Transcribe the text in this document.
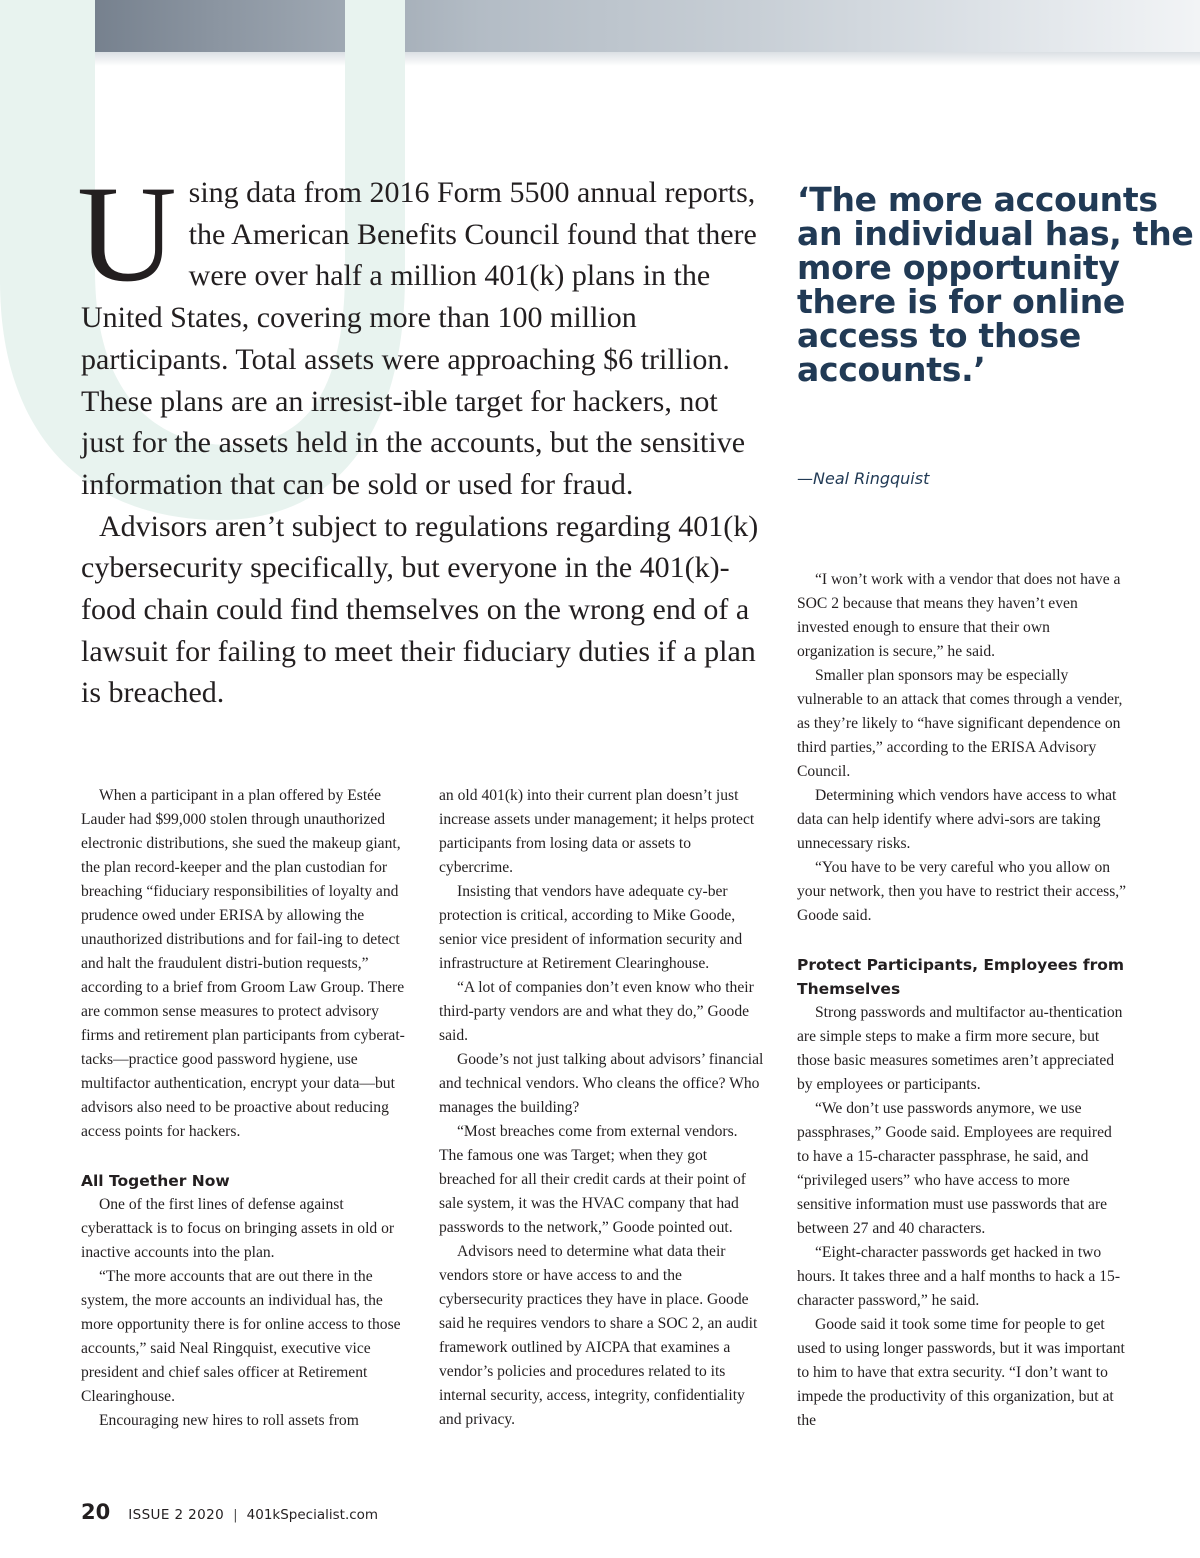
Using data from 2016 Form 5500 annual reports, the American Benefits Council found that there were over half a million 401(k) plans in the United States, covering more than 100 million participants. Total assets were approaching $6 trillion. These plans are an irresist-ible target for hackers, not just for the assets held in the accounts, but the sensitive information that can be sold or used for fraud.

Advisors aren’t subject to regulations regarding 401(k) cybersecurity specifically, but everyone in the 401(k)-food chain could find themselves on the wrong end of a lawsuit for failing to meet their fiduciary duties if a plan is breached.

‘The more accounts an individual has, the more opportunity there is for online access to those accounts.’

—Neal Ringquist

When a participant in a plan offered by Estée Lauder had $99,000 stolen through unauthorized electronic distributions, she sued the makeup giant, the plan record-keeper and the plan custodian for breaching “fiduciary responsibilities of loyalty and prudence owed under ERISA by allowing the unauthorized distributions and for fail-ing to detect and halt the fraudulent distri-bution requests,” according to a brief from Groom Law Group. There are common sense measures to protect advisory firms and retirement plan participants from cyberat-tacks—practice good password hygiene, use multifactor authentication, encrypt your data—but advisors also need to be proactive about reducing access points for hackers.

All Together Now

One of the first lines of defense against cyberattack is to focus on bringing assets in old or inactive accounts into the plan.

“The more accounts that are out there in the system, the more accounts an individual has, the more opportunity there is for online access to those accounts,” said Neal Ringquist, executive vice president and chief sales officer at Retirement Clearinghouse.

Encouraging new hires to roll assets from

an old 401(k) into their current plan doesn’t just increase assets under management; it helps protect participants from losing data or assets to cybercrime.

Insisting that vendors have adequate cy-ber protection is critical, according to Mike Goode, senior vice president of information security and infrastructure at Retirement Clearinghouse.

“A lot of companies don’t even know who their third-party vendors are and what they do,” Goode said.

Goode’s not just talking about advisors’ financial and technical vendors. Who cleans the office? Who manages the building?

“Most breaches come from external vendors. The famous one was Target; when they got breached for all their credit cards at their point of sale system, it was the HVAC company that had passwords to the network,” Goode pointed out.

Advisors need to determine what data their vendors store or have access to and the cybersecurity practices they have in place. Goode said he requires vendors to share a SOC 2, an audit framework outlined by AICPA that examines a vendor’s policies and procedures related to its internal security, access, integrity, confidentiality and privacy.

“I won’t work with a vendor that does not have a SOC 2 because that means they haven’t even invested enough to ensure that their own organization is secure,” he said.

Smaller plan sponsors may be especially vulnerable to an attack that comes through a vender, as they’re likely to “have significant dependence on third parties,” according to the ERISA Advisory Council.

Determining which vendors have access to what data can help identify where advi-sors are taking unnecessary risks.

“You have to be very careful who you allow on your network, then you have to restrict their access,” Goode said.

Protect Participants, Employees from Themselves

Strong passwords and multifactor au-thentication are simple steps to make a firm more secure, but those basic measures sometimes aren’t appreciated by employees or participants.

“We don’t use passwords anymore, we use passphrases,” Goode said. Employees are required to have a 15-character passphrase, he said, and “privileged users” who have access to more sensitive information must use passwords that are between 27 and 40 characters.

“Eight-character passwords get hacked in two hours. It takes three and a half months to hack a 15-character password,” he said.

Goode said it took some time for people to get used to using longer passwords, but it was important to him to have that extra security. “I don’t want to impede the productivity of this organization, but at the

20 ISSUE 2 2020 | 401kSpecialist.com
